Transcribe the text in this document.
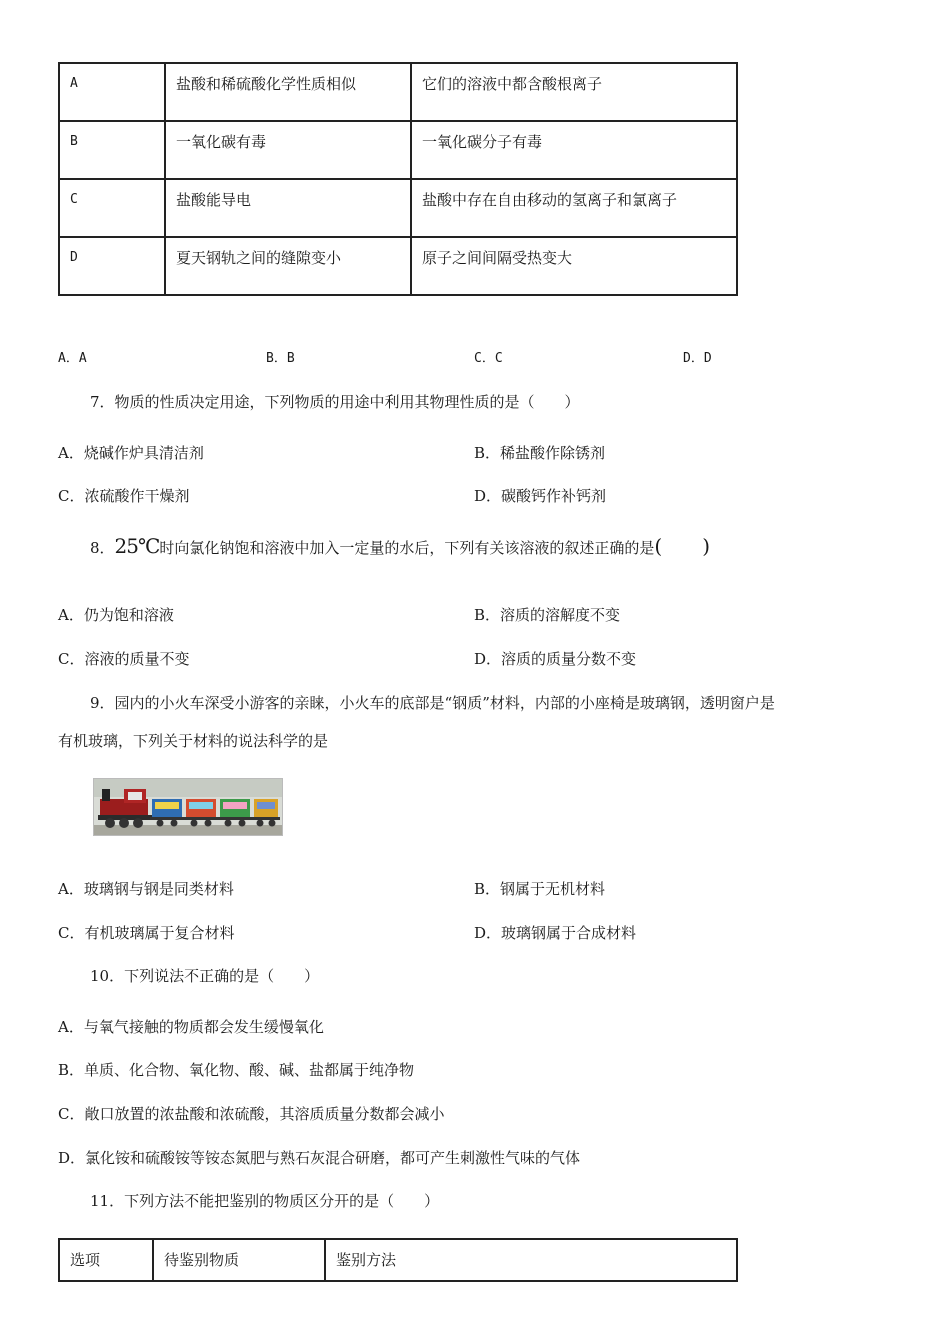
A	盐酸和稀硫酸化学性质相似	它们的溶液中都含酸根离子
B	一氧化碳有毒	一氧化碳分子有毒
C	盐酸能导电	盐酸中存在自由移动的氢离子和氯离子
D	夏天钢轨之间的缝隙变小	原子之间间隔受热变大
A．A	B．B	C．C	D．D
7．物质的性质决定用途，下列物质的用途中利用其物理性质的是（　　）
A．烧碱作炉具清洁剂	B．稀盐酸作除锈剂
C．浓硫酸作干燥剂	D．碳酸钙作补钙剂
8．25℃时向氯化钠饱和溶液中加入一定量的水后，下列有关该溶液的叙述正确的是(　　)
A．仍为饱和溶液	B．溶质的溶解度不变
C．溶液的质量不变	D．溶质的质量分数不变
9．园内的小火车深受小游客的亲睐，小火车的底部是“钢质”材料，内部的小座椅是玻璃钢，透明窗户是
有机玻璃，下列关于材料的说法科学的是
A．玻璃钢与钢是同类材料	B．钢属于无机材料
C．有机玻璃属于复合材料	D．玻璃钢属于合成材料
10．下列说法不正确的是（　　）
A．与氧气接触的物质都会发生缓慢氧化
B．单质、化合物、氧化物、酸、碱、盐都属于纯净物
C．敞口放置的浓盐酸和浓硫酸，其溶质质量分数都会减小
D．氯化铵和硫酸铵等铵态氮肥与熟石灰混合研磨，都可产生刺激性气味的气体
11．下列方法不能把鉴别的物质区分开的是（　　）
选项	待鉴别物质	鉴别方法
